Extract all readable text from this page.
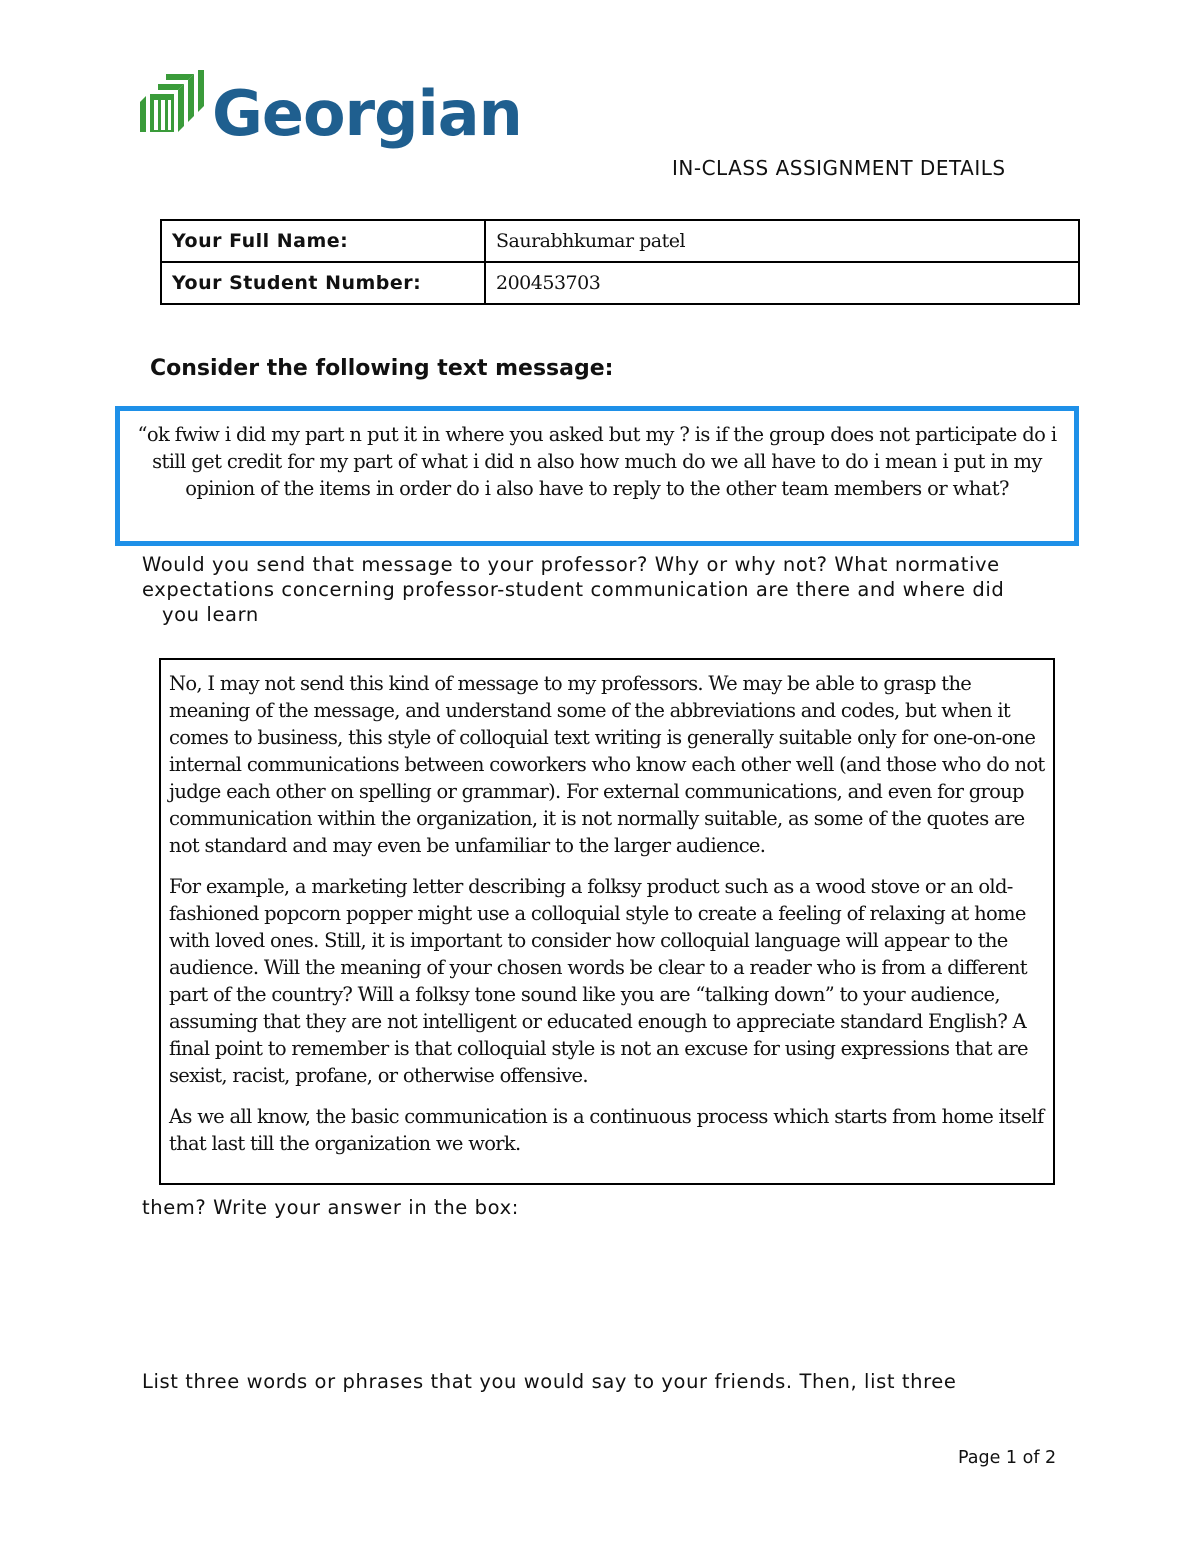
Georgian
IN-CLASS ASSIGNMENT DETAILS
Your Full Name:	Saurabhkumar patel
Your Student Number:	200453703
Consider the following text message:
“ok fwiw i did my part n put it in where you asked but my ? is if the group does not participate do i still get credit for my part of what i did n also how much do we all have to do i mean i put in my opinion of the items in order do i also have to reply to the other team members or what?
Would you send that message to your professor? Why or why not? What normative
expectations concerning professor-student communication are there and where did
you learn

No, I may not send this kind of message to my professors. We may be able to grasp the meaning of the message, and understand some of the abbreviations and codes, but when it comes to business, this style of colloquial text writing is generally suitable only for one-on-one internal communications between coworkers who know each other well (and those who do not judge each other on spelling or grammar). For external communications, and even for group communication within the organization, it is not normally suitable, as some of the quotes are not standard and may even be unfamiliar to the larger audience.

For example, a marketing letter describing a folksy product such as a wood stove or an old-fashioned popcorn popper might use a colloquial style to create a feeling of relaxing at home with loved ones. Still, it is important to consider how colloquial language will appear to the audience. Will the meaning of your chosen words be clear to a reader who is from a different part of the country? Will a folksy tone sound like you are “talking down” to your audience, assuming that they are not intelligent or educated enough to appreciate standard English? A final point to remember is that colloquial style is not an excuse for using expressions that are sexist, racist, profane, or otherwise offensive.

As we all know, the basic communication is a continuous process which starts from home itself that last till the organization we work.

them? Write your answer in the box:
List three words or phrases that you would say to your friends. Then, list three
Page 1 of 2
